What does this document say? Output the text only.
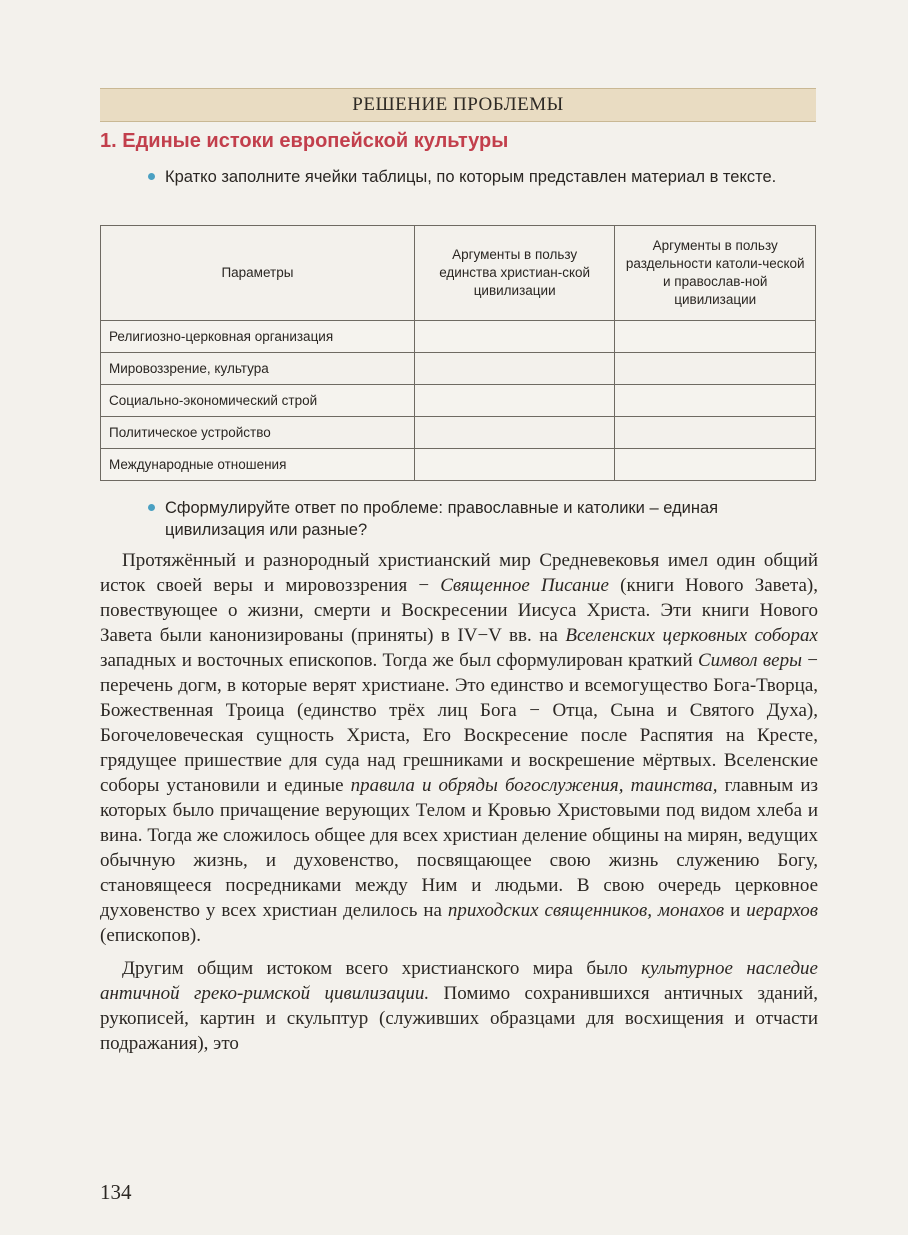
РЕШЕНИЕ ПРОБЛЕМЫ
1. Единые истоки европейской культуры
Кратко заполните ячейки таблицы, по которым представлен материал в тексте.
Параметры	Аргументы в пользу единства христиан-ской цивилизации	Аргументы в пользу раздельности католи-ческой и православ-ной цивилизации
Религиозно-церковная организация		
Мировоззрение, культура		
Социально-экономический строй		
Политическое устройство		
Международные отношения		
Сформулируйте ответ по проблеме: православные и католики – единая цивилизация или разные?

Протяжённый и разнородный христианский мир Средневековья имел один общий исток своей веры и мировоззрения − Священное Писание (книги Нового Завета), повествующее о жизни, смерти и Воскресении Иисуса Христа. Эти книги Нового Завета были канонизированы (приняты) в IV−V вв. на Вселенских церковных соборах западных и восточных епископов. Тогда же был сформулирован краткий Символ веры − перечень догм, в которые верят христиане. Это единство и всемогущество Бога-Творца, Божественная Троица (единство трёх лиц Бога − Отца, Сына и Святого Духа), Богочеловеческая сущность Христа, Его Воскресение после Распятия на Кресте, грядущее пришествие для суда над грешниками и воскрешение мёртвых. Вселенские соборы установили и единые правила и обряды богослужения, таинства, главным из которых было причащение верующих Телом и Кровью Христовыми под видом хлеба и вина. Тогда же сложилось общее для всех христиан деление общины на мирян, ведущих обычную жизнь, и духовенство, посвящающее свою жизнь служению Богу, становящееся посредниками между Ним и людьми. В свою очередь церковное духовенство у всех христиан делилось на приходских священников, монахов и иерархов (епископов).

Другим общим истоком всего христианского мира было культурное наследие античной греко-римской цивилизации. Помимо сохранившихся античных зданий, рукописей, картин и скульптур (служивших образцами для восхищения и отчасти подражания), это

134
